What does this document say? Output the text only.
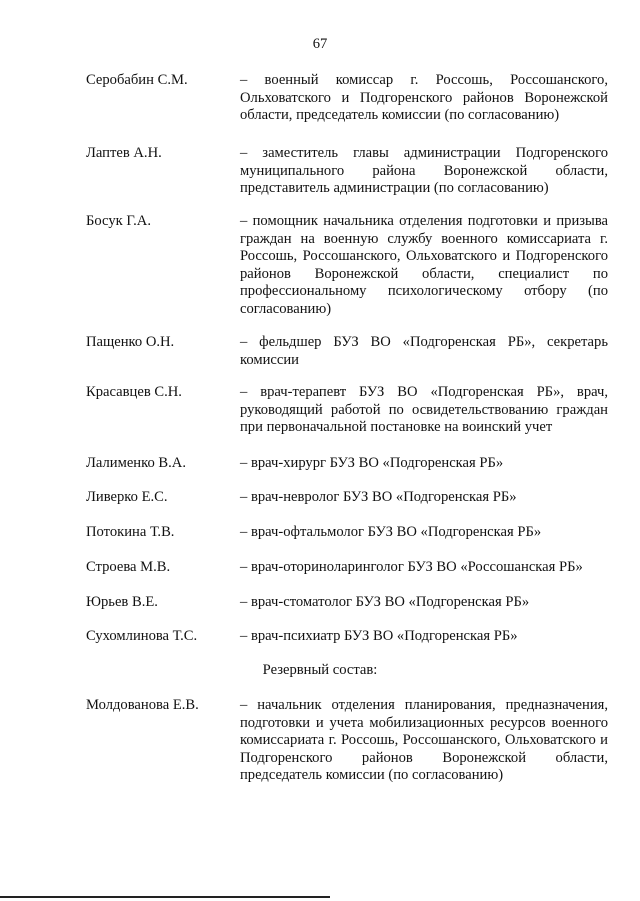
67
Серобабин С.М.	– военный комиссар г. Россошь, Россошанского, Ольховатского и Подгоренского районов Воронежской области, председатель комиссии (по согласованию)
Лаптев А.Н.	– заместитель главы администрации Подгоренского муниципального района Воронежской области, представитель администрации (по согласованию)
Босук Г.А.	– помощник начальника отделения подготовки и призыва граждан на военную службу военного комиссариата г. Россошь, Россошанского, Ольховатского и Подгоренского районов Воронежской области, специалист по профессиональному психологическому отбору (по согласованию)
Пащенко О.Н.	– фельдшер БУЗ ВО «Подгоренская РБ», секретарь комиссии
Красавцев С.Н.	– врач-терапевт БУЗ ВО «Подгоренская РБ», врач, руководящий работой по освидетельствованию граждан при первоначальной постановке на воинский учет
Лалименко В.А.	– врач-хирург БУЗ ВО «Подгоренская РБ»
Ливерко Е.С.	– врач-невролог БУЗ ВО «Подгоренская РБ»
Потокина Т.В.	– врач-офтальмолог БУЗ ВО «Подгоренская РБ»
Строева М.В.	– врач-оториноларинголог БУЗ ВО «Россошанская РБ»
Юрьев В.Е.	– врач-стоматолог БУЗ ВО «Подгоренская РБ»
Сухомлинова Т.С.	– врач-психиатр БУЗ ВО «Подгоренская РБ»
Резервный состав:
Молдованова Е.В.	– начальник отделения планирования, предназначения, подготовки и учета мобилизационных ресурсов военного комиссариата г. Россошь, Россошанского, Ольховатского и Подгоренского районов Воронежской области, председатель комиссии (по согласованию)
